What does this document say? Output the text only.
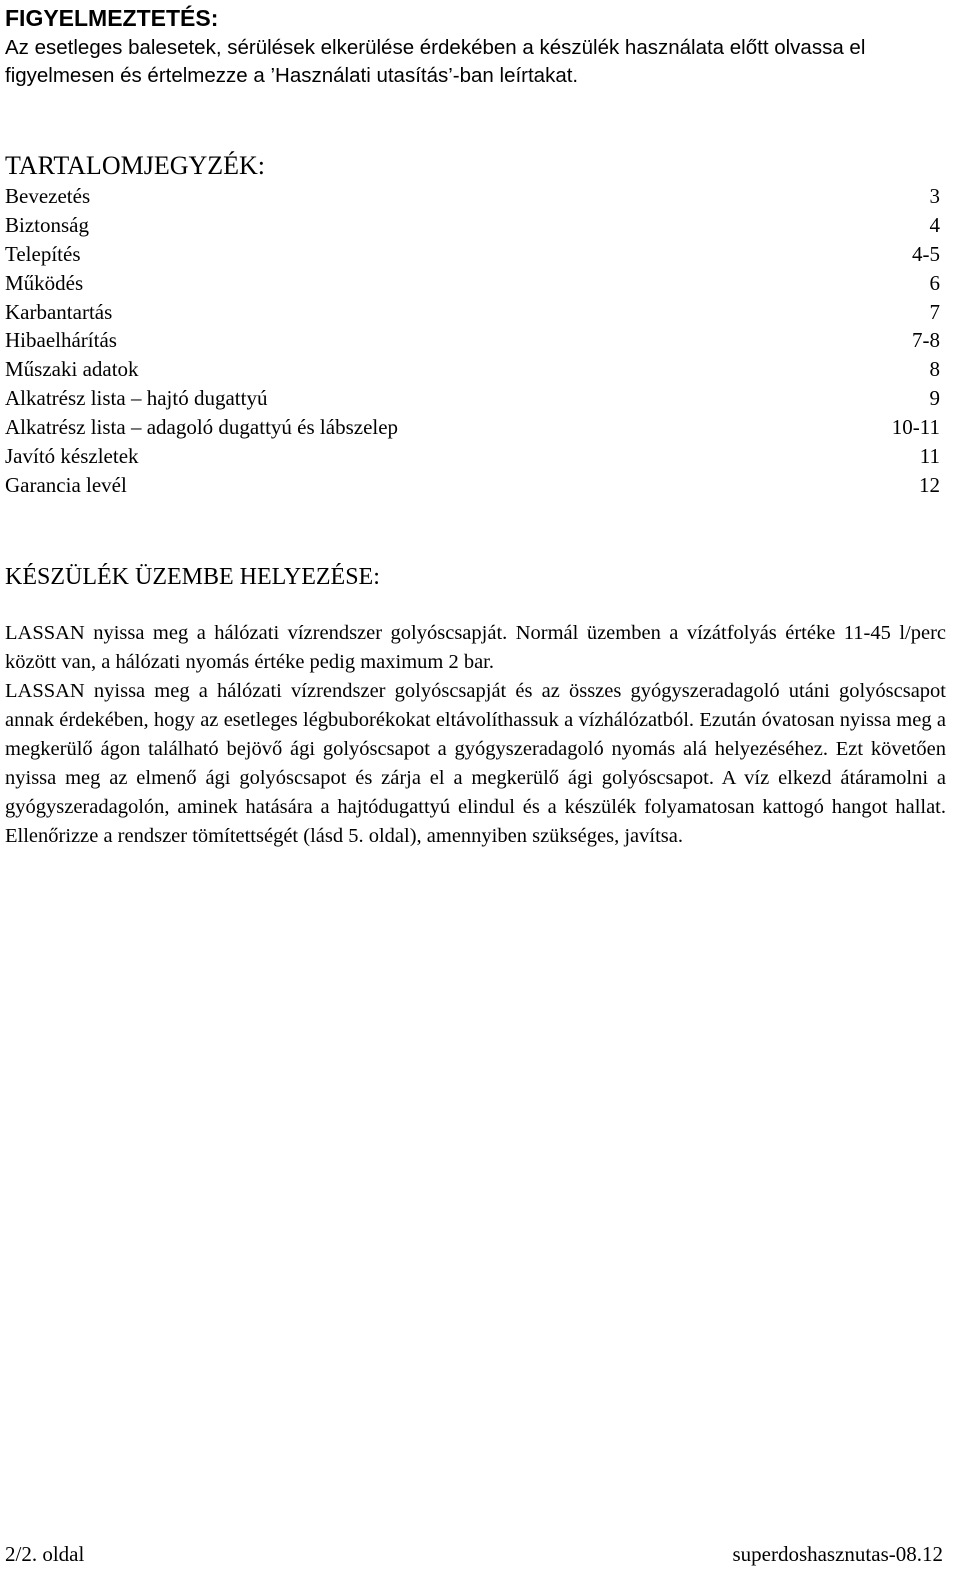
FIGYELMEZTETÉS:

Az esetleges balesetek, sérülések elkerülése érdekében a készülék használata előtt olvassa el figyelmesen és értelmezze a ’Használati utasítás’-ban leírtakat.

TARTALOMJEGYZÉK:
Bevezetés	3
Biztonság	4
Telepítés	4-5
Működés	6
Karbantartás	7
Hibaelhárítás	7-8
Műszaki adatok	8
Alkatrész lista – hajtó dugattyú	9
Alkatrész lista – adagoló dugattyú és lábszelep	10-11
Javító készletek	11
Garancia levél	12
KÉSZÜLÉK ÜZEMBE HELYEZÉSE:

LASSAN nyissa meg a hálózati vízrendszer golyóscsapját. Normál üzemben a vízátfolyás értéke 11-45 l/perc között van, a hálózati nyomás értéke pedig maximum 2 bar.

LASSAN nyissa meg a hálózati vízrendszer golyóscsapját és az összes gyógyszeradagoló utáni golyóscsapot annak érdekében, hogy az esetleges légbuborékokat eltávolíthassuk a vízhálózatból. Ezután óvatosan nyissa meg a megkerülő ágon található bejövő ági golyóscsapot a gyógyszeradagoló nyomás alá helyezéséhez. Ezt követően nyissa meg az elmenő ági golyóscsapot és zárja el a megkerülő ági golyóscsapot. A víz elkezd átáramolni a gyógyszeradagolón, aminek hatására a hajtódugattyú elindul és a készülék folyamatosan kattogó hangot hallat. Ellenőrizze a rendszer tömítettségét (lásd 5. oldal), amennyiben szükséges, javítsa.

2/2. oldal	superdoshasznutas-08.12
